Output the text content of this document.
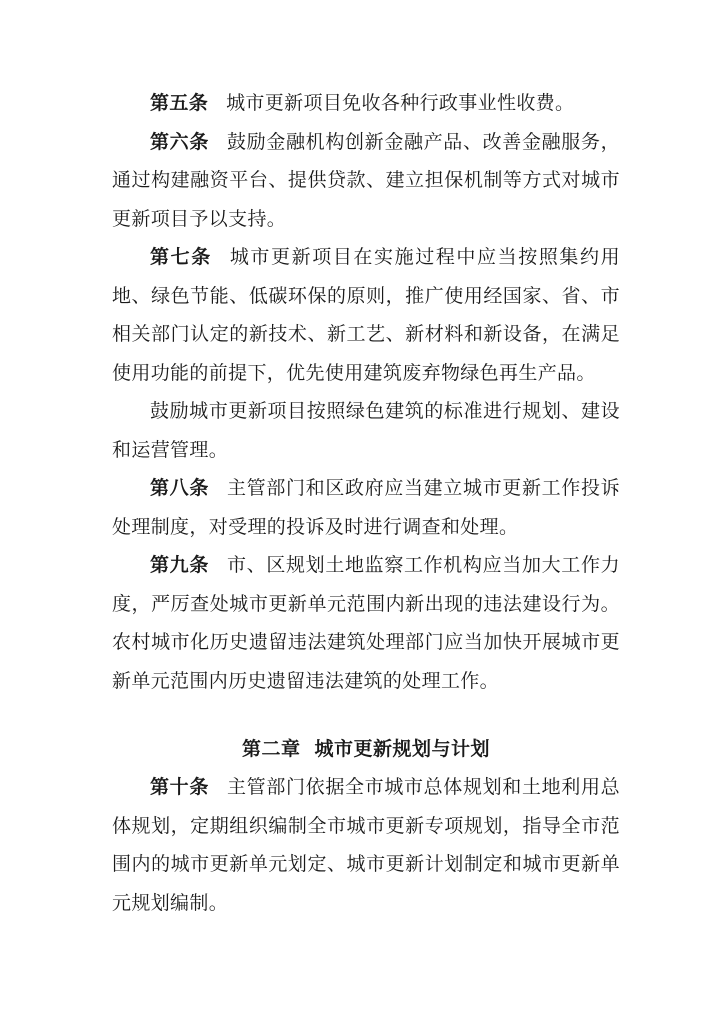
第五条 城市更新项目免收各种行政事业性收费。

第六条 鼓励金融机构创新金融产品、改善金融服务，通过构建融资平台、提供贷款、建立担保机制等方式对城市更新项目予以支持。

第七条 城市更新项目在实施过程中应当按照集约用地、绿色节能、低碳环保的原则，推广使用经国家、省、市相关部门认定的新技术、新工艺、新材料和新设备，在满足使用功能的前提下，优先使用建筑废弃物绿色再生产品。

鼓励城市更新项目按照绿色建筑的标准进行规划、建设和运营管理。

第八条 主管部门和区政府应当建立城市更新工作投诉处理制度，对受理的投诉及时进行调查和处理。

第九条 市、区规划土地监察工作机构应当加大工作力度，严厉查处城市更新单元范围内新出现的违法建设行为。农村城市化历史遗留违法建筑处理部门应当加快开展城市更新单元范围内历史遗留违法建筑的处理工作。

第二章 城市更新规划与计划

第十条 主管部门依据全市城市总体规划和土地利用总体规划，定期组织编制全市城市更新专项规划，指导全市范围内的城市更新单元划定、城市更新计划制定和城市更新单元规划编制。
